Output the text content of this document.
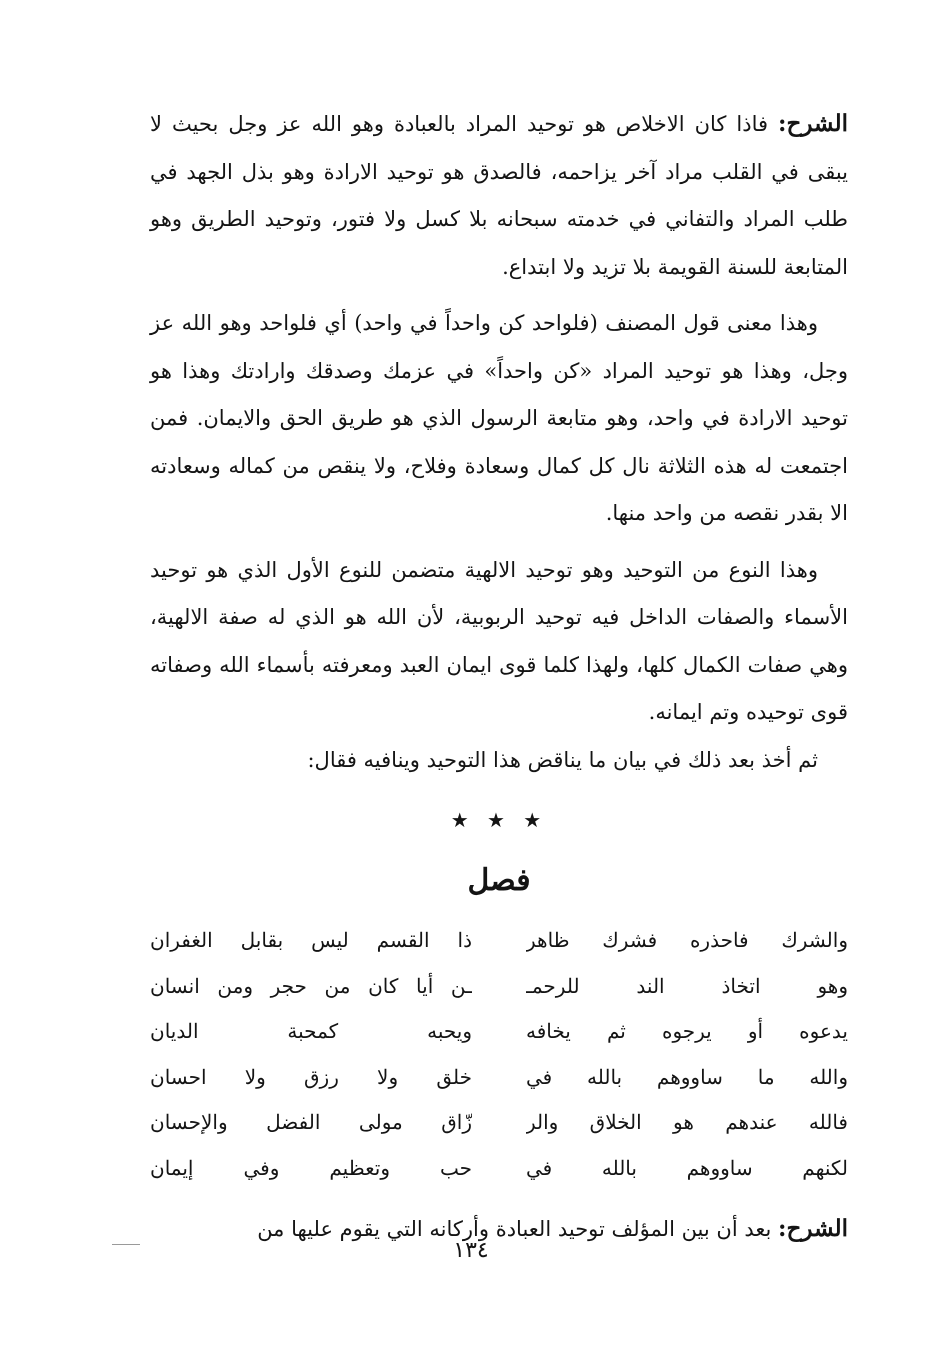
الشرح: فاذا كان الاخلاص هو توحيد المراد بالعبادة وهو الله عز وجل بحيث لا يبقى في القلب مراد آخر يزاحمه، فالصدق هو توحيد الارادة وهو بذل الجهد في طلب المراد والتفاني في خدمته سبحانه بلا كسل ولا فتور، وتوحيد الطريق وهو المتابعة للسنة القويمة بلا تزيد ولا ابتداع.

وهذا معنى قول المصنف (فلواحد كن واحداً في واحد) أي فلواحد وهو الله عز وجل، وهذا هو توحيد المراد «كن واحداً» في عزمك وصدقك وارادتك وهذا هو توحيد الارادة في واحد، وهو متابعة الرسول الذي هو طريق الحق والايمان. فمن اجتمعت له هذه الثلاثة نال كل كمال وسعادة وفلاح، ولا ينقص من كماله وسعادته الا بقدر نقصه من واحد منها.

وهذا النوع من التوحيد وهو توحيد الالهية متضمن للنوع الأول الذي هو توحيد الأسماء والصفات الداخل فيه توحيد الربوبية، لأن الله هو الذي له صفة الالهية، وهي صفات الكمال كلها، ولهذا كلما قوى ايمان العبد ومعرفته بأسماء الله وصفاته قوى توحيده وتم ايمانه.

ثم أخذ بعد ذلك في بيان ما يناقض هذا التوحيد وينافيه فقال:

★ ★ ★
فصل
والشرك فاحذره فشرك ظاهر
ذا القسم ليس بقابل الغفران
وهو اتخاذ الند للرحمـ
ـن أيا كان من حجر ومن انسان
يدعوه أو يرجوه ثم يخافه
ويحبه كمحبة الديان
والله ما ساووهم بالله في
خلق ولا رزق ولا احسان
فالله عندهم هو الخلاق والر
زّاق مولى الفضل والإحسان
لكنهم ساووهم بالله في
حب وتعظيم وفي إيمان

الشرح: بعد أن بين المؤلف توحيد العبادة وأركانه التي يقوم عليها من

١٣٤
